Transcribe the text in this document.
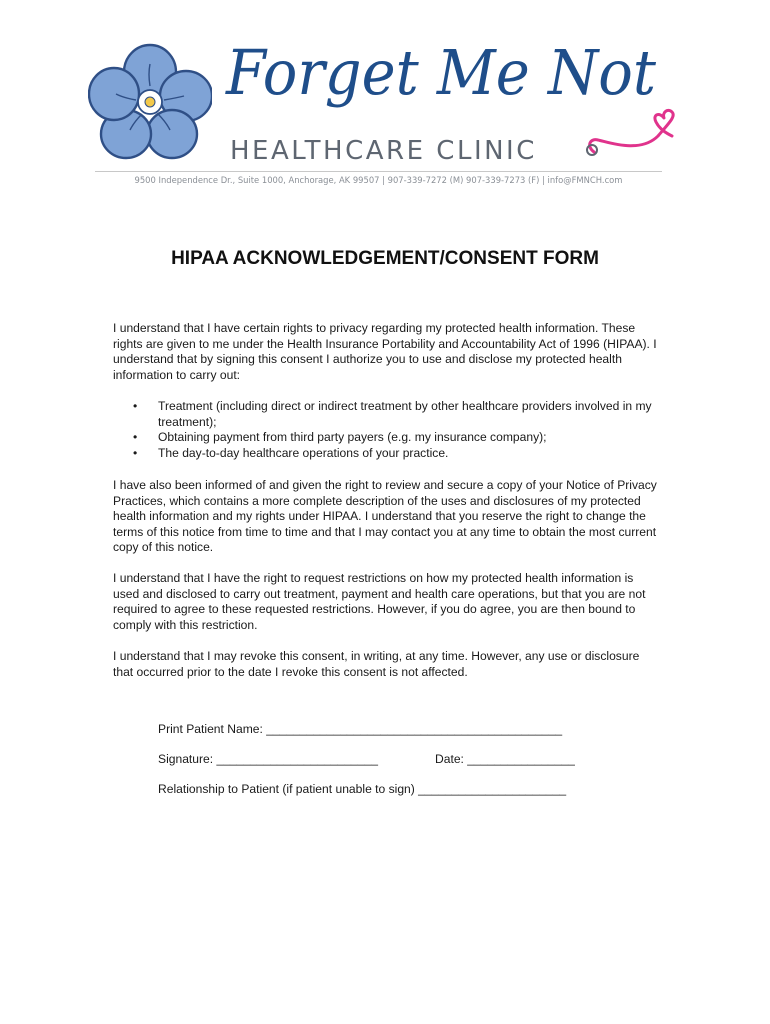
Forget Me Not
HEALTHCARE CLINIC
9500 Independence Dr., Suite 1000, Anchorage, AK 99507 | 907-339-7272 (M) 907-339-7273 (F) | info@FMNCH.com
HIPAA ACKNOWLEDGEMENT/CONSENT FORM
I understand that I have certain rights to privacy regarding my protected health information. These rights are given to me under the Health Insurance Portability and Accountability Act of 1996 (HIPAA). I understand that by signing this consent I authorize you to use and disclose my protected health information to carry out:
• Treatment (including direct or indirect treatment by other healthcare providers involved in my treatment);
• Obtaining payment from third party payers (e.g. my insurance company);
• The day-to-day healthcare operations of your practice.
I have also been informed of and given the right to review and secure a copy of your Notice of Privacy Practices, which contains a more complete description of the uses and disclosures of my protected health information and my rights under HIPAA. I understand that you reserve the right to change the terms of this notice from time to time and that I may contact you at any time to obtain the most current copy of this notice.
I understand that I have the right to request restrictions on how my protected health information is used and disclosed to carry out treatment, payment and health care operations, but that you are not required to agree to these requested restrictions. However, if you do agree, you are then bound to comply with this restriction.
I understand that I may revoke this consent, in writing, at any time. However, any use or disclosure that occurred prior to the date I revoke this consent is not affected.
Print Patient Name: ____________________________________________
Signature: ________________________	Date: ________________
Relationship to Patient (if patient unable to sign) ______________________
